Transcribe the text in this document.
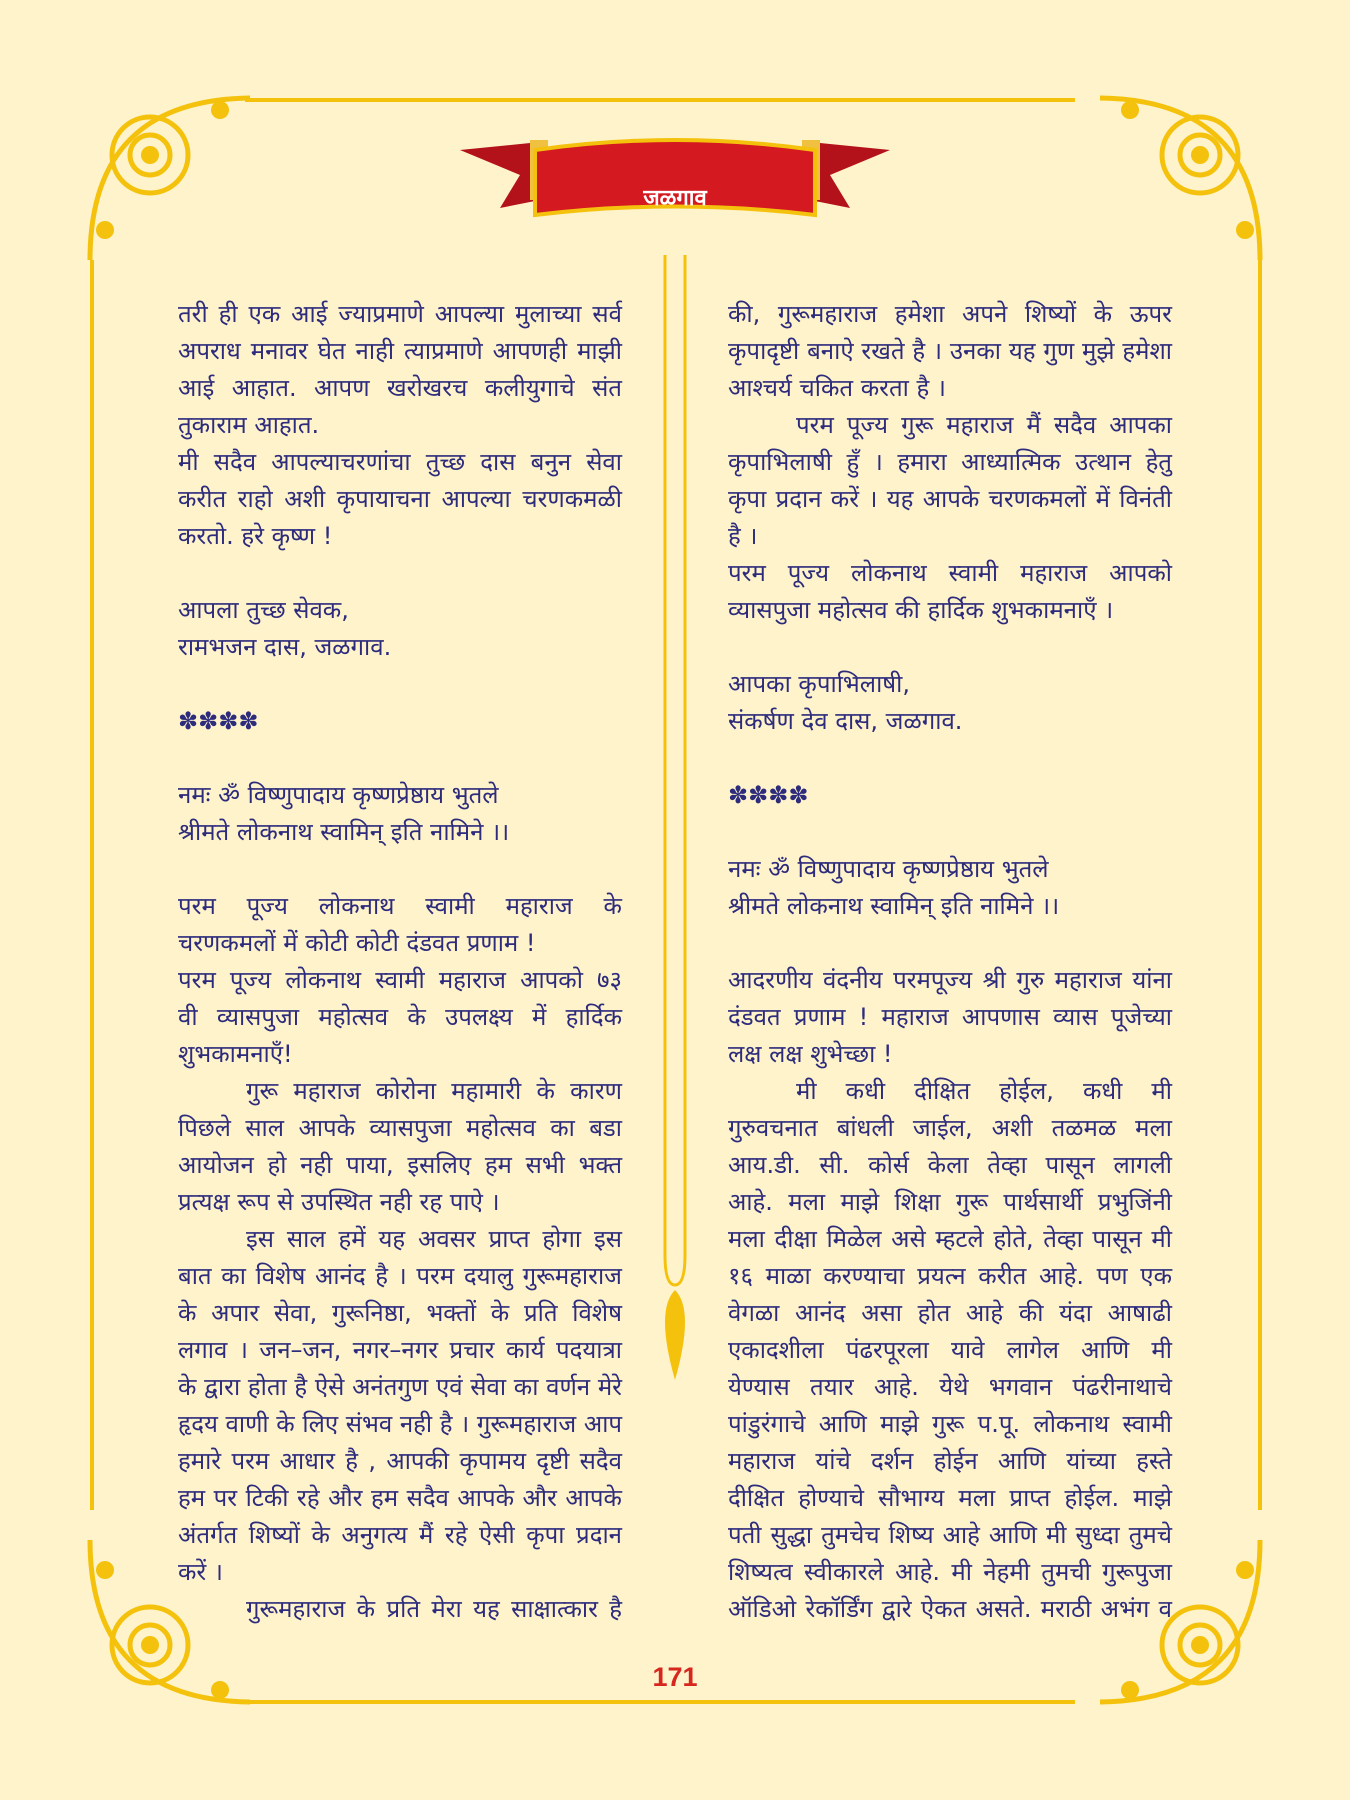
जळगाव
तरी ही एक आई ज्याप्रमाणे आपल्या मुलाच्या सर्व
अपराध मनावर घेत नाही त्याप्रमाणे आपणही माझी
आई आहात. आपण खरोखरच कलीयुगाचे संत
तुकाराम आहात.
मी सदैव आपल्याचरणांचा तुच्छ दास बनुन सेवा
करीत राहो अशी कृपायाचना आपल्या चरणकमळी
करतो. हरे कृष्ण !
आपला तुच्छ सेवक,
रामभजन दास, जळगाव.
✽✽✽✽
नमः ॐ विष्णुपादाय कृष्णप्रेष्ठाय भुतले
श्रीमते लोकनाथ स्वामिन् इति नामिने ।।
परम पूज्य लोकनाथ स्वामी महाराज के
चरणकमलों में कोटी कोटी दंडवत प्रणाम !
परम पूज्य लोकनाथ स्वामी महाराज आपको ७३
वी व्यासपुजा महोत्सव के उपलक्ष्य में हार्दिक
शुभकामनाएँ!
गुरू महाराज कोरोना महामारी के कारण
पिछले साल आपके व्यासपुजा महोत्सव का बडा
आयोजन हो नही पाया, इसलिए हम सभी भक्त
प्रत्यक्ष रूप से उपस्थित नही रह पाऐ ।
इस साल हमें यह अवसर प्राप्त होगा इस
बात का विशेष आनंद है । परम दयालु गुरूमहाराज
के अपार सेवा, गुरूनिष्ठा, भक्तों के प्रति विशेष
लगाव । जन–जन, नगर–नगर प्रचार कार्य पदयात्रा
के द्वारा होता है ऐसे अनंतगुण एवं सेवा का वर्णन मेरे
हृदय वाणी के लिए संभव नही है । गुरूमहाराज आप
हमारे परम आधार है , आपकी कृपामय दृष्टी सदैव
हम पर टिकी रहे और हम सदैव आपके और आपके
अंतर्गत शिष्यों के अनुगत्य मैं रहे ऐसी कृपा प्रदान
करें ।
गुरूमहाराज के प्रति मेरा यह साक्षात्कार है
की, गुरूमहाराज हमेशा अपने शिष्यों के ऊपर
कृपादृष्टी बनाऐ रखते है । उनका यह गुण मुझे हमेशा
आश्चर्य चकित करता है ।
परम पूज्य गुरू महाराज मैं सदैव आपका
कृपाभिलाषी हुँ । हमारा आध्यात्मिक उत्थान हेतु
कृपा प्रदान करें । यह आपके चरणकमलों में विनंती
है ।
परम पूज्य लोकनाथ स्वामी महाराज आपको
व्यासपुजा महोत्सव की हार्दिक शुभकामनाएँ ।
आपका कृपाभिलाषी,
संकर्षण देव दास, जळगाव.
✽✽✽✽
नमः ॐ विष्णुपादाय कृष्णप्रेष्ठाय भुतले
श्रीमते लोकनाथ स्वामिन् इति नामिने ।।
आदरणीय वंदनीय परमपूज्य श्री गुरु महाराज यांना
दंडवत प्रणाम ! महाराज आपणास व्यास पूजेच्या
लक्ष लक्ष शुभेच्छा !
मी कधी दीक्षित होईल, कधी मी
गुरुवचनात बांधली जाईल, अशी तळमळ मला
आय.डी. सी. कोर्स केला तेव्हा पासून लागली
आहे. मला माझे शिक्षा गुरू पार्थसार्थी प्रभुजिंनी
मला दीक्षा मिळेल असे म्हटले होते, तेव्हा पासून मी
१६ माळा करण्याचा प्रयत्न करीत आहे. पण एक
वेगळा आनंद असा होत आहे की यंदा आषाढी
एकादशीला पंढरपूरला यावे लागेल आणि मी
येण्यास तयार आहे. येथे भगवान पंढरीनाथाचे
पांडुरंगाचे आणि माझे गुरू प.पू. लोकनाथ स्वामी
महाराज यांचे दर्शन होईन आणि यांच्या हस्ते
दीक्षित होण्याचे सौभाग्य मला प्राप्त होईल. माझे
पती सुद्धा तुमचेच शिष्य आहे आणि मी सुध्दा तुमचे
शिष्यत्व स्वीकारले आहे. मी नेहमी तुमची गुरूपुजा
ऑडिओ रेकॉर्डिंग द्वारे ऐकत असते. मराठी अभंग व
171
